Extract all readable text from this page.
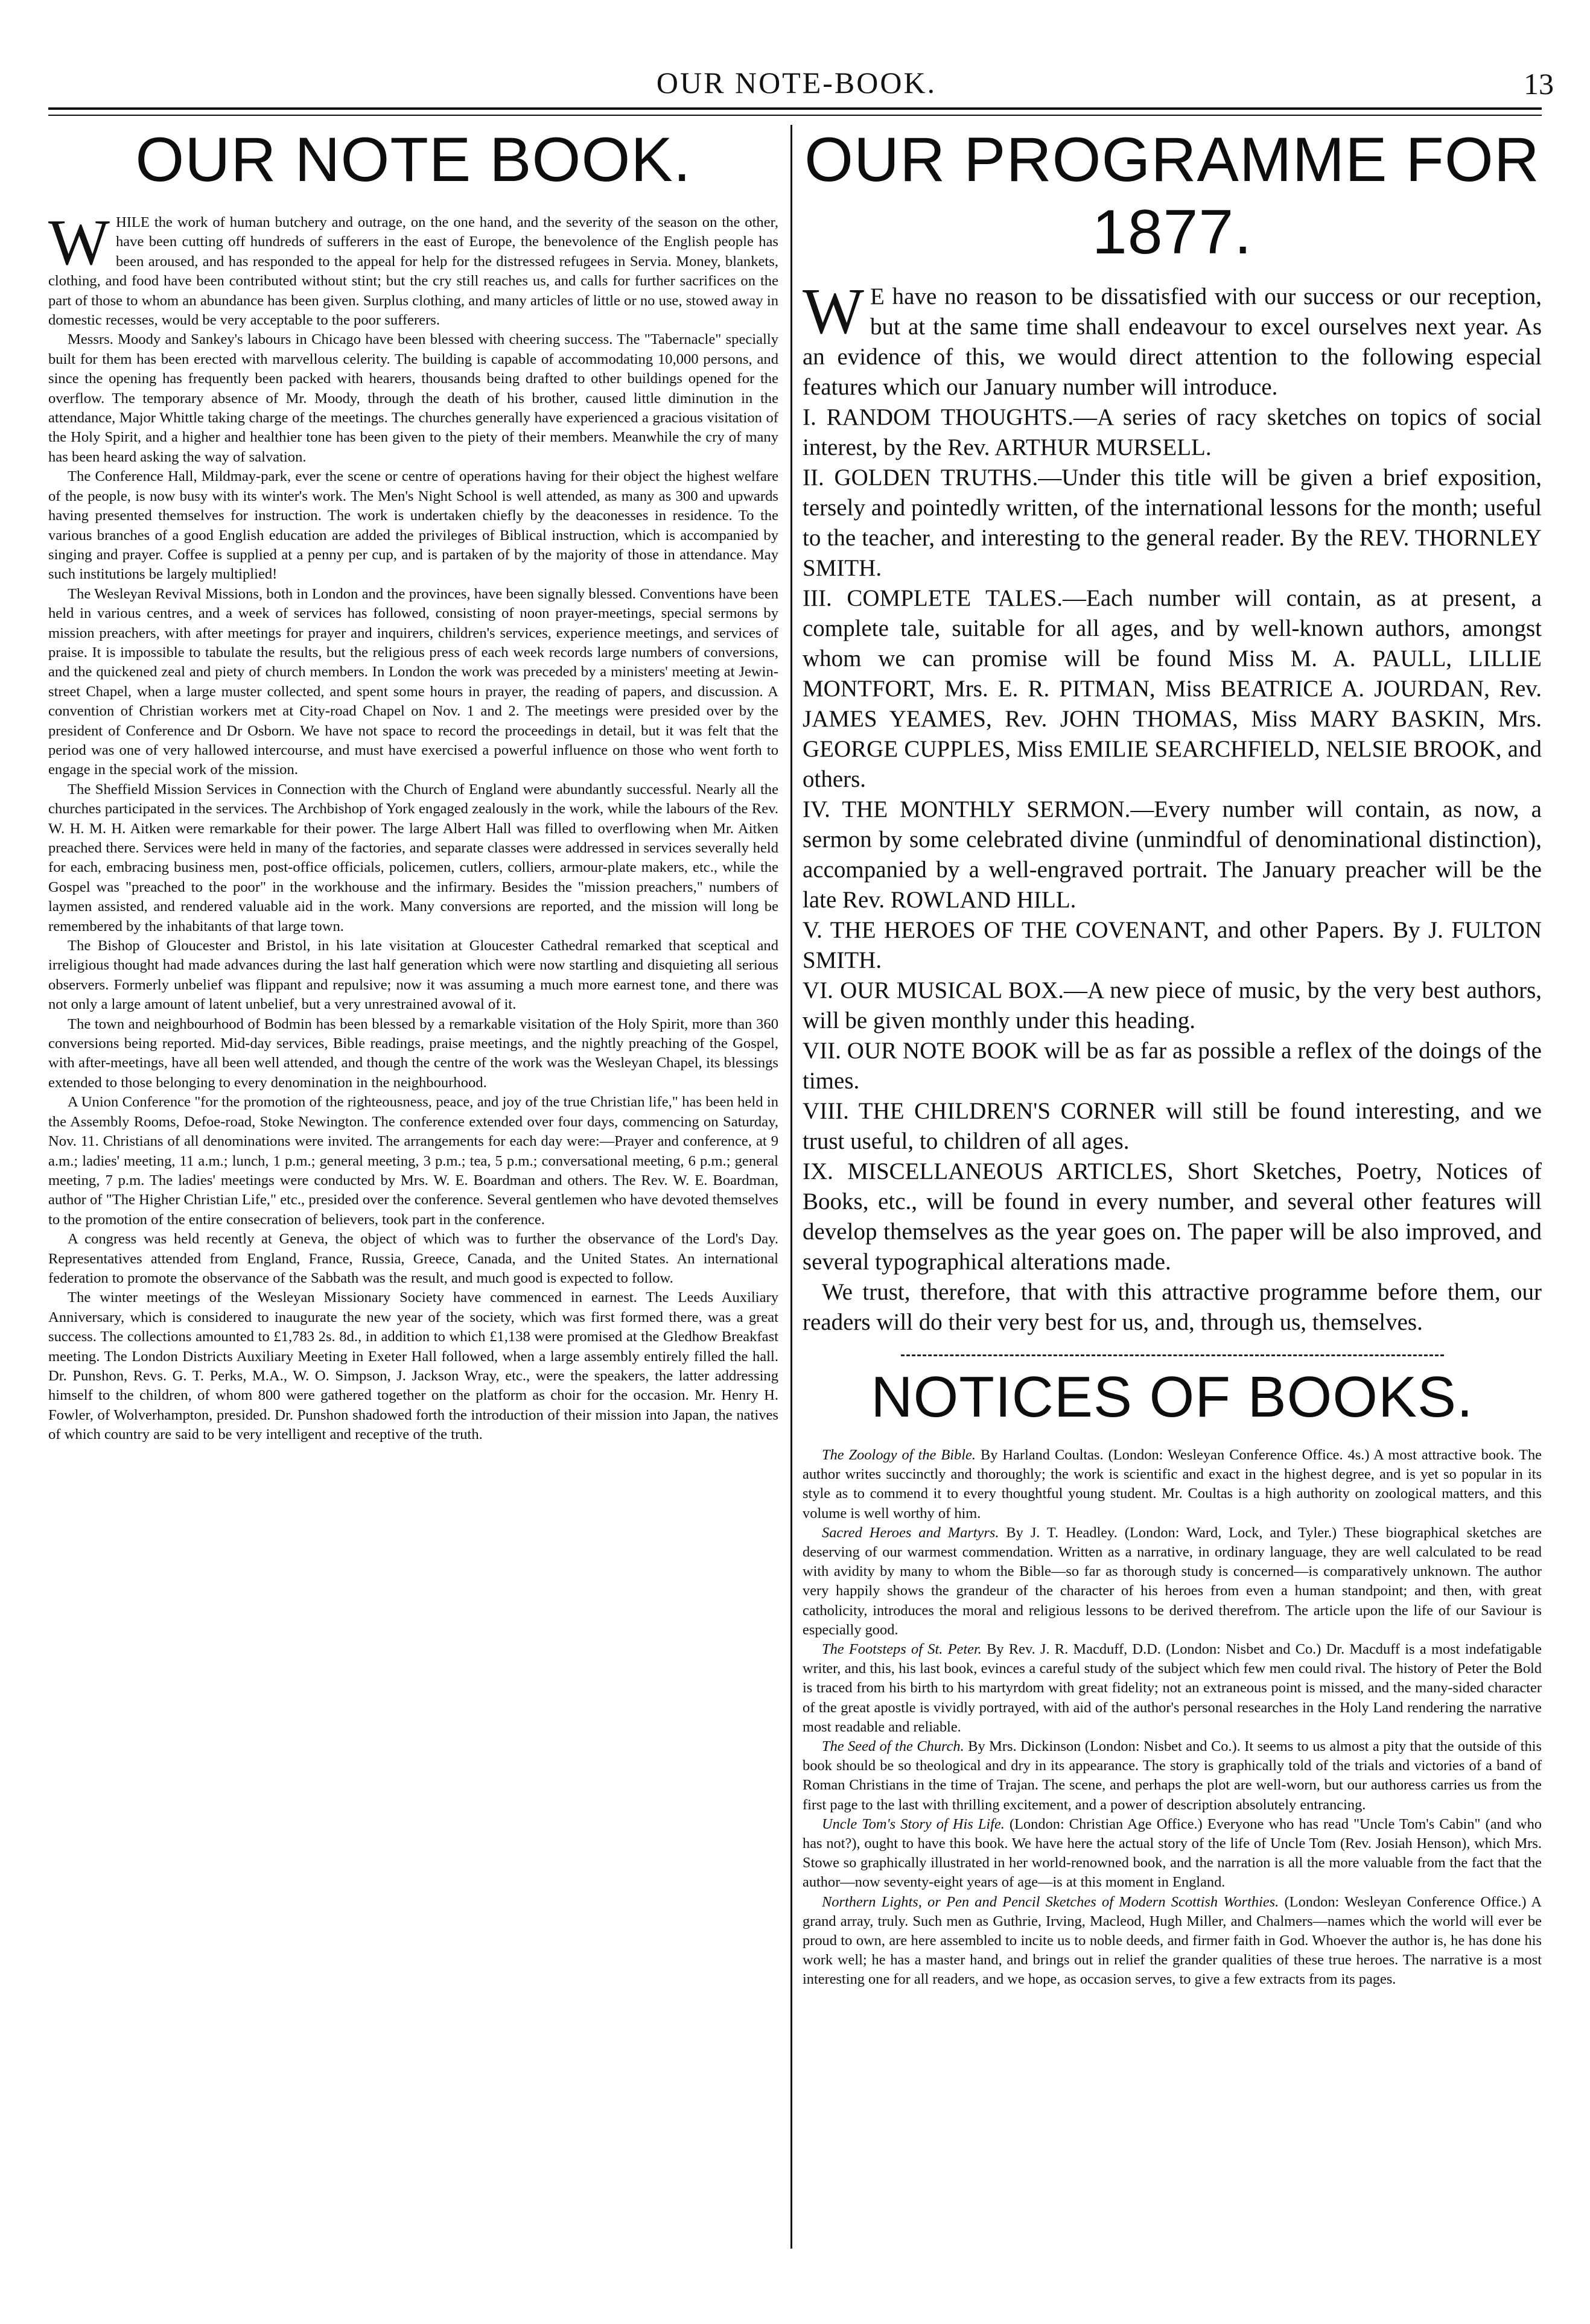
OUR NOTE-BOOK.	13
OUR NOTE BOOK.

WHILE the work of human butchery and outrage, on the one hand, and the severity of the season on the other, have been cutting off hundreds of sufferers in the east of Europe, the benevolence of the English people has been aroused, and has responded to the appeal for help for the distressed refugees in Servia. Money, blankets, clothing, and food have been contributed without stint; but the cry still reaches us, and calls for further sacrifices on the part of those to whom an abundance has been given. Surplus clothing, and many articles of little or no use, stowed away in domestic recesses, would be very acceptable to the poor sufferers.

Messrs. Moody and Sankey's labours in Chicago have been blessed with cheering success. The "Tabernacle" specially built for them has been erected with marvellous celerity. The building is capable of accommodating 10,000 persons, and since the opening has frequently been packed with hearers, thousands being drafted to other buildings opened for the overflow. The temporary absence of Mr. Moody, through the death of his brother, caused little diminution in the attendance, Major Whittle taking charge of the meetings. The churches generally have experienced a gracious visitation of the Holy Spirit, and a higher and healthier tone has been given to the piety of their members. Meanwhile the cry of many has been heard asking the way of salvation.

The Conference Hall, Mildmay-park, ever the scene or centre of operations having for their object the highest welfare of the people, is now busy with its winter's work. The Men's Night School is well attended, as many as 300 and upwards having presented themselves for instruction. The work is undertaken chiefly by the deaconesses in residence. To the various branches of a good English education are added the privileges of Biblical instruction, which is accompanied by singing and prayer. Coffee is supplied at a penny per cup, and is partaken of by the majority of those in attendance. May such institutions be largely multiplied!

The Wesleyan Revival Missions, both in London and the provinces, have been signally blessed. Conventions have been held in various centres, and a week of services has followed, consisting of noon prayer-meetings, special sermons by mission preachers, with after meetings for prayer and inquirers, children's services, experience meetings, and services of praise. It is impossible to tabulate the results, but the religious press of each week records large numbers of conversions, and the quickened zeal and piety of church members. In London the work was preceded by a ministers' meeting at Jewin-street Chapel, when a large muster collected, and spent some hours in prayer, the reading of papers, and discussion. A convention of Christian workers met at City-road Chapel on Nov. 1 and 2. The meetings were presided over by the president of Conference and Dr Osborn. We have not space to record the proceedings in detail, but it was felt that the period was one of very hallowed intercourse, and must have exercised a powerful influence on those who went forth to engage in the special work of the mission.

The Sheffield Mission Services in Connection with the Church of England were abundantly successful. Nearly all the churches participated in the services. The Archbishop of York engaged zealously in the work, while the labours of the Rev. W. H. M. H. Aitken were remarkable for their power. The large Albert Hall was filled to overflowing when Mr. Aitken preached there. Services were held in many of the factories, and separate classes were addressed in services severally held for each, embracing business men, post-office officials, policemen, cutlers, colliers, armour-plate makers, etc., while the Gospel was "preached to the poor" in the workhouse and the infirmary. Besides the "mission preachers," numbers of laymen assisted, and rendered valuable aid in the work. Many conversions are reported, and the mission will long be remembered by the inhabitants of that large town.

The Bishop of Gloucester and Bristol, in his late visitation at Gloucester Cathedral remarked that sceptical and irreligious thought had made advances during the last half generation which were now startling and disquieting all serious observers. Formerly unbelief was flippant and repulsive; now it was assuming a much more earnest tone, and there was not only a large amount of latent unbelief, but a very unrestrained avowal of it.

The town and neighbourhood of Bodmin has been blessed by a remarkable visitation of the Holy Spirit, more than 360 conversions being reported. Mid-day services, Bible readings, praise meetings, and the nightly preaching of the Gospel, with after-meetings, have all been well attended, and though the centre of the work was the Wesleyan Chapel, its blessings extended to those belonging to every denomination in the neighbourhood.

A Union Conference "for the promotion of the righteousness, peace, and joy of the true Christian life," has been held in the Assembly Rooms, Defoe-road, Stoke Newington. The conference extended over four days, commencing on Saturday, Nov. 11. Christians of all denominations were invited. The arrangements for each day were:—Prayer and conference, at 9 a.m.; ladies' meeting, 11 a.m.; lunch, 1 p.m.; general meeting, 3 p.m.; tea, 5 p.m.; conversational meeting, 6 p.m.; general meeting, 7 p.m. The ladies' meetings were conducted by Mrs. W. E. Boardman and others. The Rev. W. E. Boardman, author of "The Higher Christian Life," etc., presided over the conference. Several gentlemen who have devoted themselves to the promotion of the entire consecration of believers, took part in the conference.

A congress was held recently at Geneva, the object of which was to further the observance of the Lord's Day. Representatives attended from England, France, Russia, Greece, Canada, and the United States. An international federation to promote the observance of the Sabbath was the result, and much good is expected to follow.

The winter meetings of the Wesleyan Missionary Society have commenced in earnest. The Leeds Auxiliary Anniversary, which is considered to inaugurate the new year of the society, which was first formed there, was a great success. The collections amounted to £1,783 2s. 8d., in addition to which £1,138 were promised at the Gledhow Breakfast meeting. The London Districts Auxiliary Meeting in Exeter Hall followed, when a large assembly entirely filled the hall. Dr. Punshon, Revs. G. T. Perks, M.A., W. O. Simpson, J. Jackson Wray, etc., were the speakers, the latter addressing himself to the children, of whom 800 were gathered together on the platform as choir for the occasion. Mr. Henry H. Fowler, of Wolverhampton, presided. Dr. Punshon shadowed forth the introduction of their mission into Japan, the natives of which country are said to be very intelligent and receptive of the truth.

OUR PROGRAMME FOR 1877.

W E have no reason to be dissatisfied with our success or our reception, but at the same time shall endeavour to excel ourselves next year. As an evidence of this, we would direct attention to the following especial features which our January number will introduce.

I. RANDOM THOUGHTS.—A series of racy sketches on topics of social interest, by the Rev. ARTHUR MURSELL.

II. GOLDEN TRUTHS.—Under this title will be given a brief exposition, tersely and pointedly written, of the international lessons for the month; useful to the teacher, and interesting to the general reader. By the REV. THORNLEY SMITH.

III. COMPLETE TALES.—Each number will contain, as at present, a complete tale, suitable for all ages, and by well-known authors, amongst whom we can promise will be found Miss M. A. PAULL, LILLIE MONTFORT, Mrs. E. R. PITMAN, Miss BEATRICE A. JOURDAN, Rev. JAMES YEAMES, Rev. JOHN THOMAS, Miss MARY BASKIN, Mrs. GEORGE CUPPLES, Miss EMILIE SEARCHFIELD, NELSIE BROOK, and others.

IV. THE MONTHLY SERMON.—Every number will contain, as now, a sermon by some celebrated divine (unmindful of denominational distinction), accompanied by a well-engraved portrait. The January preacher will be the late Rev. ROWLAND HILL.

V. THE HEROES OF THE COVENANT, and other Papers. By J. FULTON SMITH.

VI. OUR MUSICAL BOX.—A new piece of music, by the very best authors, will be given monthly under this heading.

VII. OUR NOTE BOOK will be as far as possible a reflex of the doings of the times.

VIII. THE CHILDREN'S CORNER will still be found interesting, and we trust useful, to children of all ages.

IX. MISCELLANEOUS ARTICLES, Short Sketches, Poetry, Notices of Books, etc., will be found in every number, and several other features will develop themselves as the year goes on. The paper will be also improved, and several typographical alterations made.

We trust, therefore, that with this attractive programme before them, our readers will do their very best for us, and, through us, themselves.

NOTICES OF BOOKS.

The Zoology of the Bible. By Harland Coultas. (London: Wesleyan Conference Office. 4s.) A most attractive book. The author writes succinctly and thoroughly; the work is scientific and exact in the highest degree, and is yet so popular in its style as to commend it to every thoughtful young student. Mr. Coultas is a high authority on zoological matters, and this volume is well worthy of him.

Sacred Heroes and Martyrs. By J. T. Headley. (London: Ward, Lock, and Tyler.) These biographical sketches are deserving of our warmest commendation. Written as a narrative, in ordinary language, they are well calculated to be read with avidity by many to whom the Bible—so far as thorough study is concerned—is comparatively unknown. The author very happily shows the grandeur of the character of his heroes from even a human standpoint; and then, with great catholicity, introduces the moral and religious lessons to be derived therefrom. The article upon the life of our Saviour is especially good.

The Footsteps of St. Peter. By Rev. J. R. Macduff, D.D. (London: Nisbet and Co.) Dr. Macduff is a most indefatigable writer, and this, his last book, evinces a careful study of the subject which few men could rival. The history of Peter the Bold is traced from his birth to his martyrdom with great fidelity; not an extraneous point is missed, and the many-sided character of the great apostle is vividly portrayed, with aid of the author's personal researches in the Holy Land rendering the narrative most readable and reliable.

The Seed of the Church. By Mrs. Dickinson (London: Nisbet and Co.). It seems to us almost a pity that the outside of this book should be so theological and dry in its appearance. The story is graphically told of the trials and victories of a band of Roman Christians in the time of Trajan. The scene, and perhaps the plot are well-worn, but our authoress carries us from the first page to the last with thrilling excitement, and a power of description absolutely entrancing.

Uncle Tom's Story of His Life. (London: Christian Age Office.) Everyone who has read "Uncle Tom's Cabin" (and who has not?), ought to have this book. We have here the actual story of the life of Uncle Tom (Rev. Josiah Henson), which Mrs. Stowe so graphically illustrated in her world-renowned book, and the narration is all the more valuable from the fact that the author—now seventy-eight years of age—is at this moment in England.

Northern Lights, or Pen and Pencil Sketches of Modern Scottish Worthies. (London: Wesleyan Conference Office.) A grand array, truly. Such men as Guthrie, Irving, Macleod, Hugh Miller, and Chalmers—names which the world will ever be proud to own, are here assembled to incite us to noble deeds, and firmer faith in God. Whoever the author is, he has done his work well; he has a master hand, and brings out in relief the grander qualities of these true heroes. The narrative is a most interesting one for all readers, and we hope, as occasion serves, to give a few extracts from its pages.
